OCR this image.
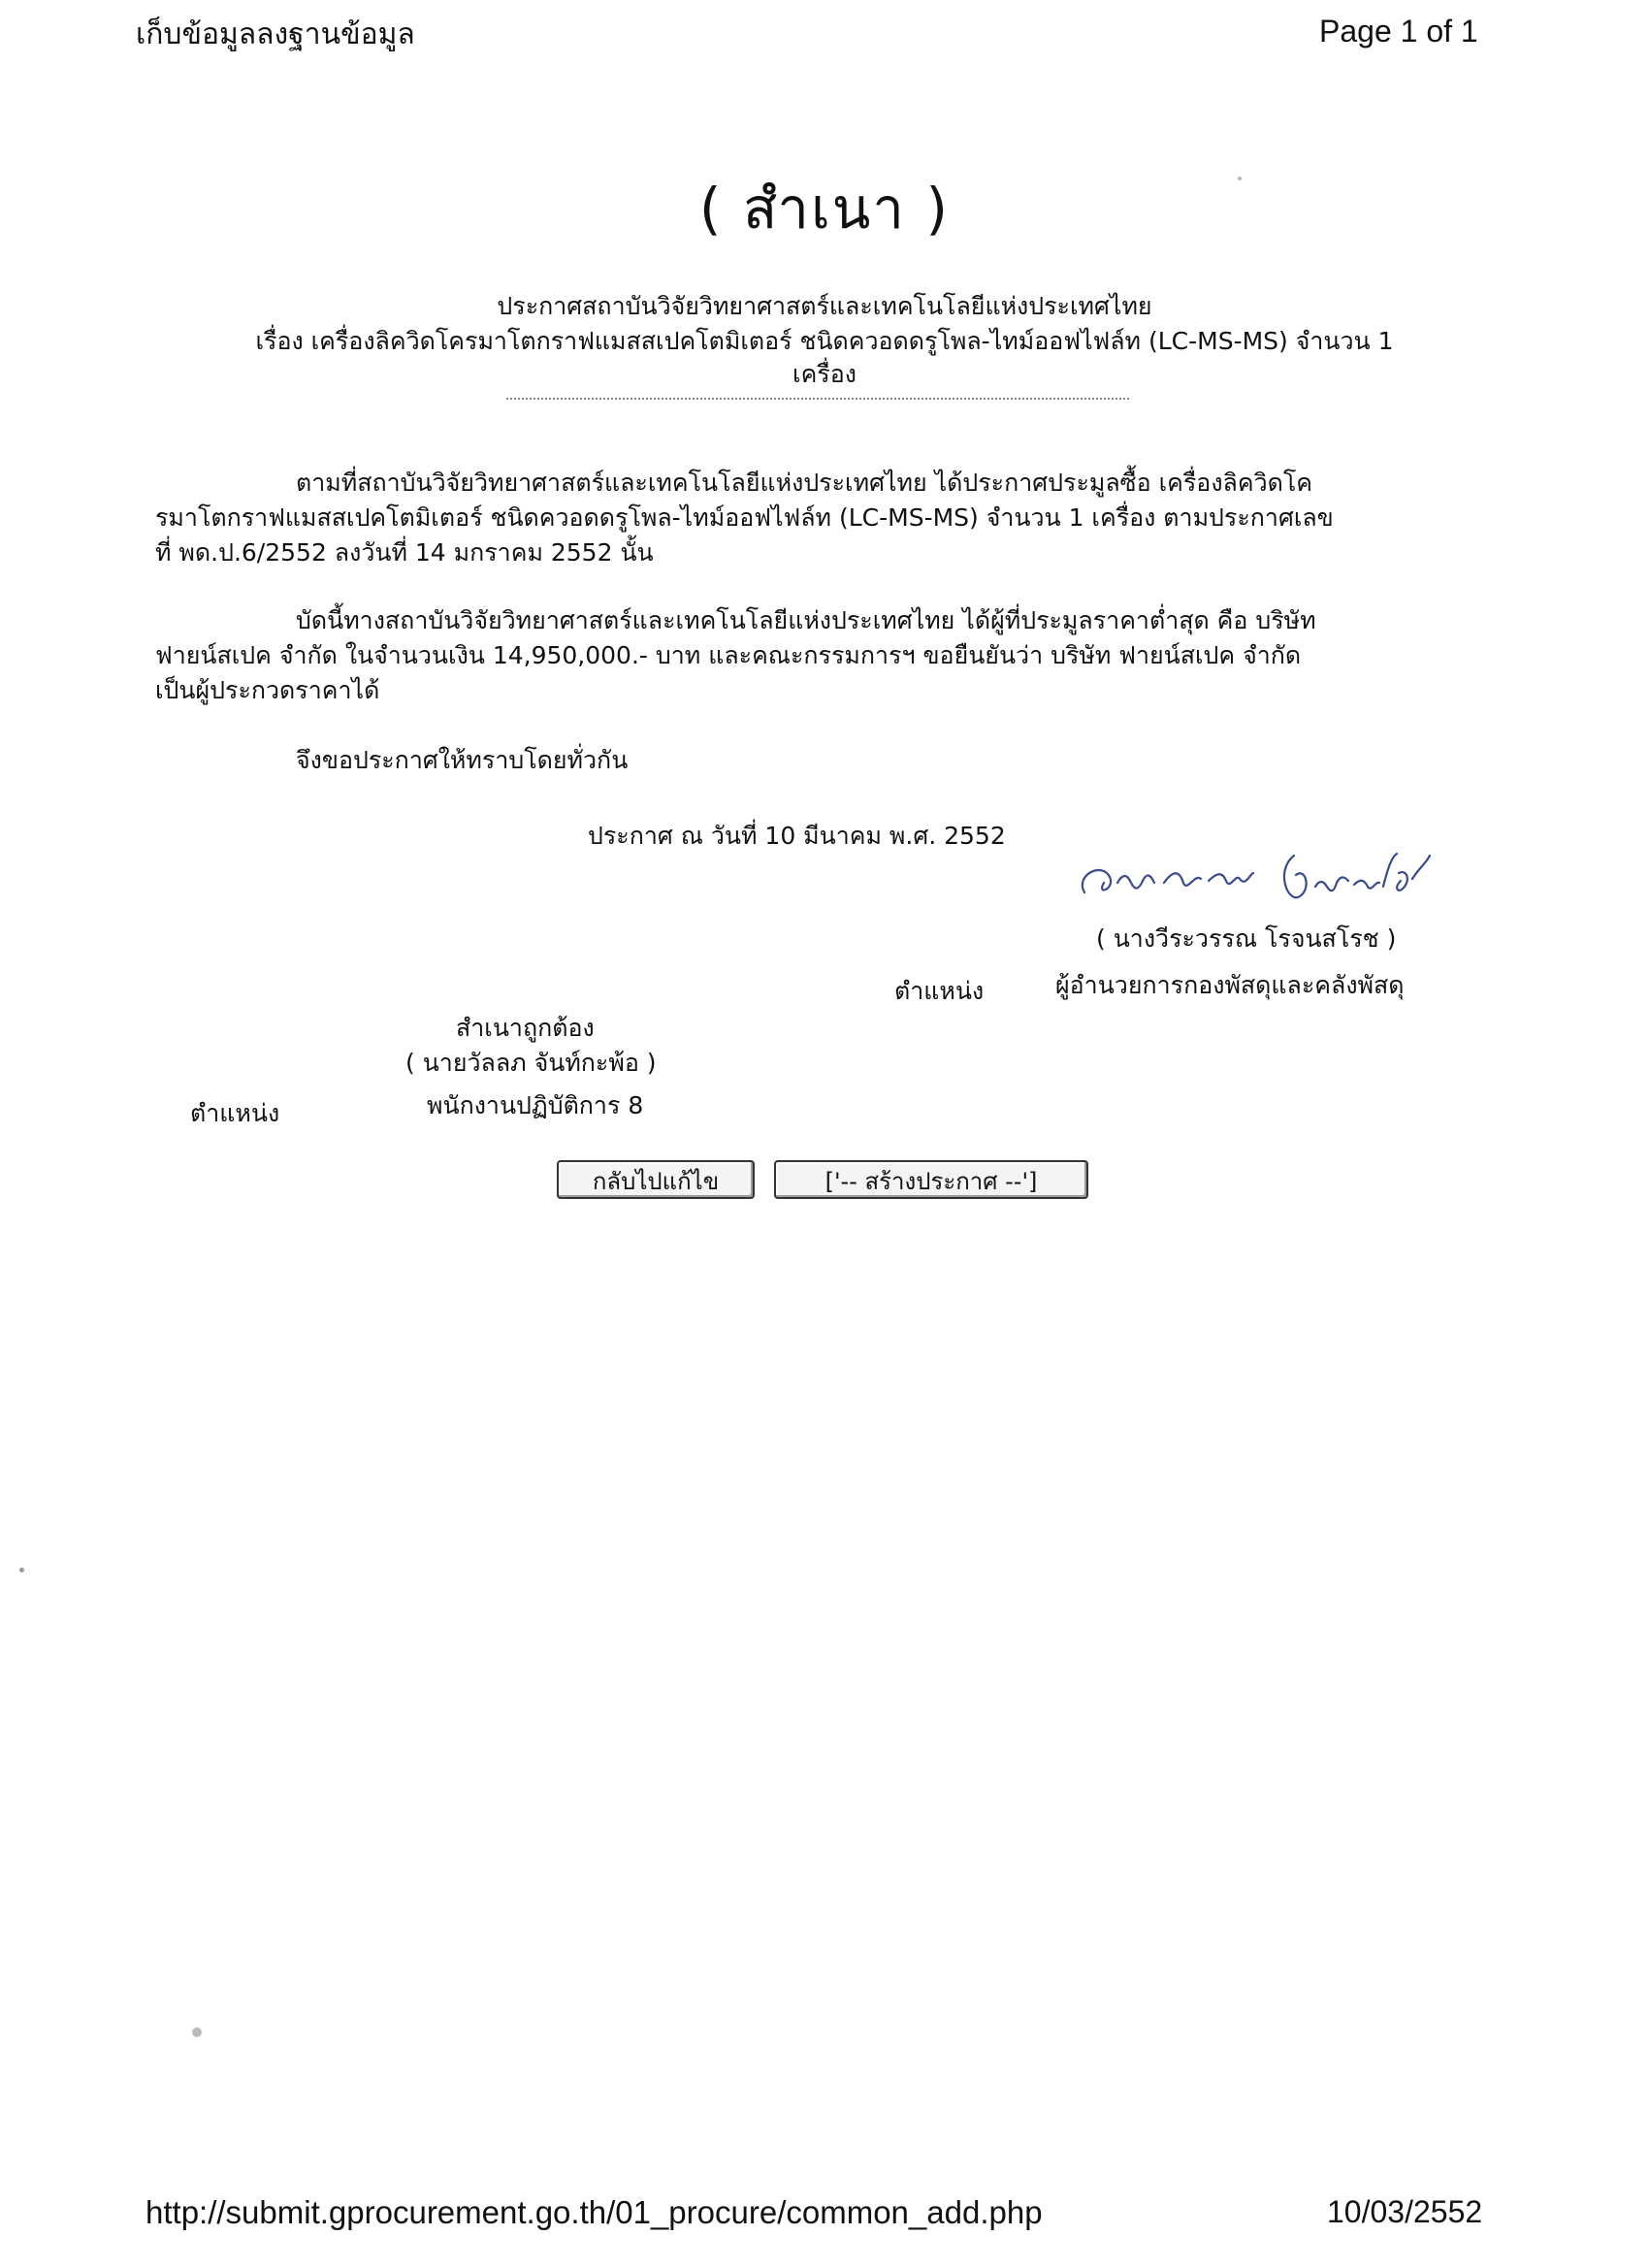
เก็บข้อมูลลงฐานข้อมูล	Page 1 of 1
( สำเนา )
ประกาศสถาบันวิจัยวิทยาศาสตร์และเทคโนโลยีแห่งประเทศไทย
เรื่อง เครื่องลิควิดโครมาโตกราฟแมสสเปคโตมิเตอร์ ชนิดควอดดรูโพล-ไทม์ออฟไฟล์ท (LC-MS-MS) จำนวน 1
เครื่อง
ตามที่สถาบันวิจัยวิทยาศาสตร์และเทคโนโลยีแห่งประเทศไทย ได้ประกาศประมูลซื้อ เครื่องลิควิดโค
รมาโตกราฟแมสสเปคโตมิเตอร์ ชนิดควอดดรูโพล-ไทม์ออฟไฟล์ท (LC-MS-MS) จำนวน 1 เครื่อง ตามประกาศเลข
ที่ พด.ป.6/2552 ลงวันที่ 14 มกราคม 2552 นั้น
บัดนี้ทางสถาบันวิจัยวิทยาศาสตร์และเทคโนโลยีแห่งประเทศไทย ได้ผู้ที่ประมูลราคาต่ำสุด คือ บริษัท
ฟายน์สเปค จำกัด ในจำนวนเงิน 14,950,000.- บาท และคณะกรรมการฯ ขอยืนยันว่า บริษัท ฟายน์สเปค จำกัด
เป็นผู้ประกวดราคาได้
จึงขอประกาศให้ทราบโดยทั่วกัน
ประกาศ ณ วันที่ 10 มีนาคม พ.ศ. 2552
( นางวีระวรรณ โรจนสโรช )
ตำแหน่ง	ผู้อำนวยการกองพัสดุและคลังพัสดุ
สำเนาถูกต้อง
( นายวัลลภ จันท์กะพ้อ )
ตำแหน่ง	พนักงานปฏิบัติการ 8
กลับไปแก้ไข	['-- สร้างประกาศ --']
http://submit.gprocurement.go.th/01_procure/common_add.php	10/03/2552
